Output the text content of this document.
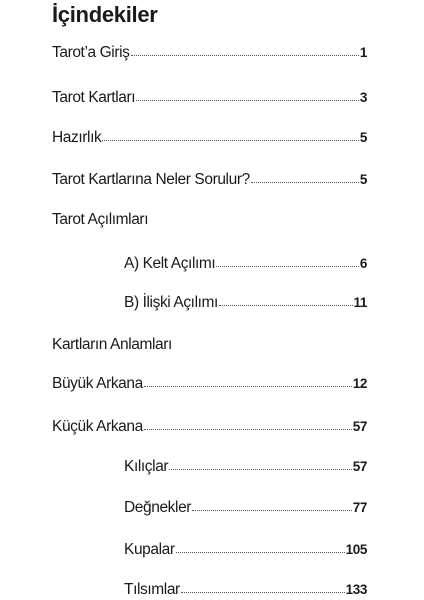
İçindekiler
Tarot’a Giriş	1
Tarot Kartları	3
Hazırlık	5
Tarot Kartlarına Neler Sorulur?	5
Tarot Açılımları
A) Kelt Açılımı	6
B) İlişki Açılımı	11
Kartların Anlamları
Büyük Arkana	12
Küçük Arkana	57
Kılıçlar	57
Değnekler	77
Kupalar	105
Tılsımlar	133
